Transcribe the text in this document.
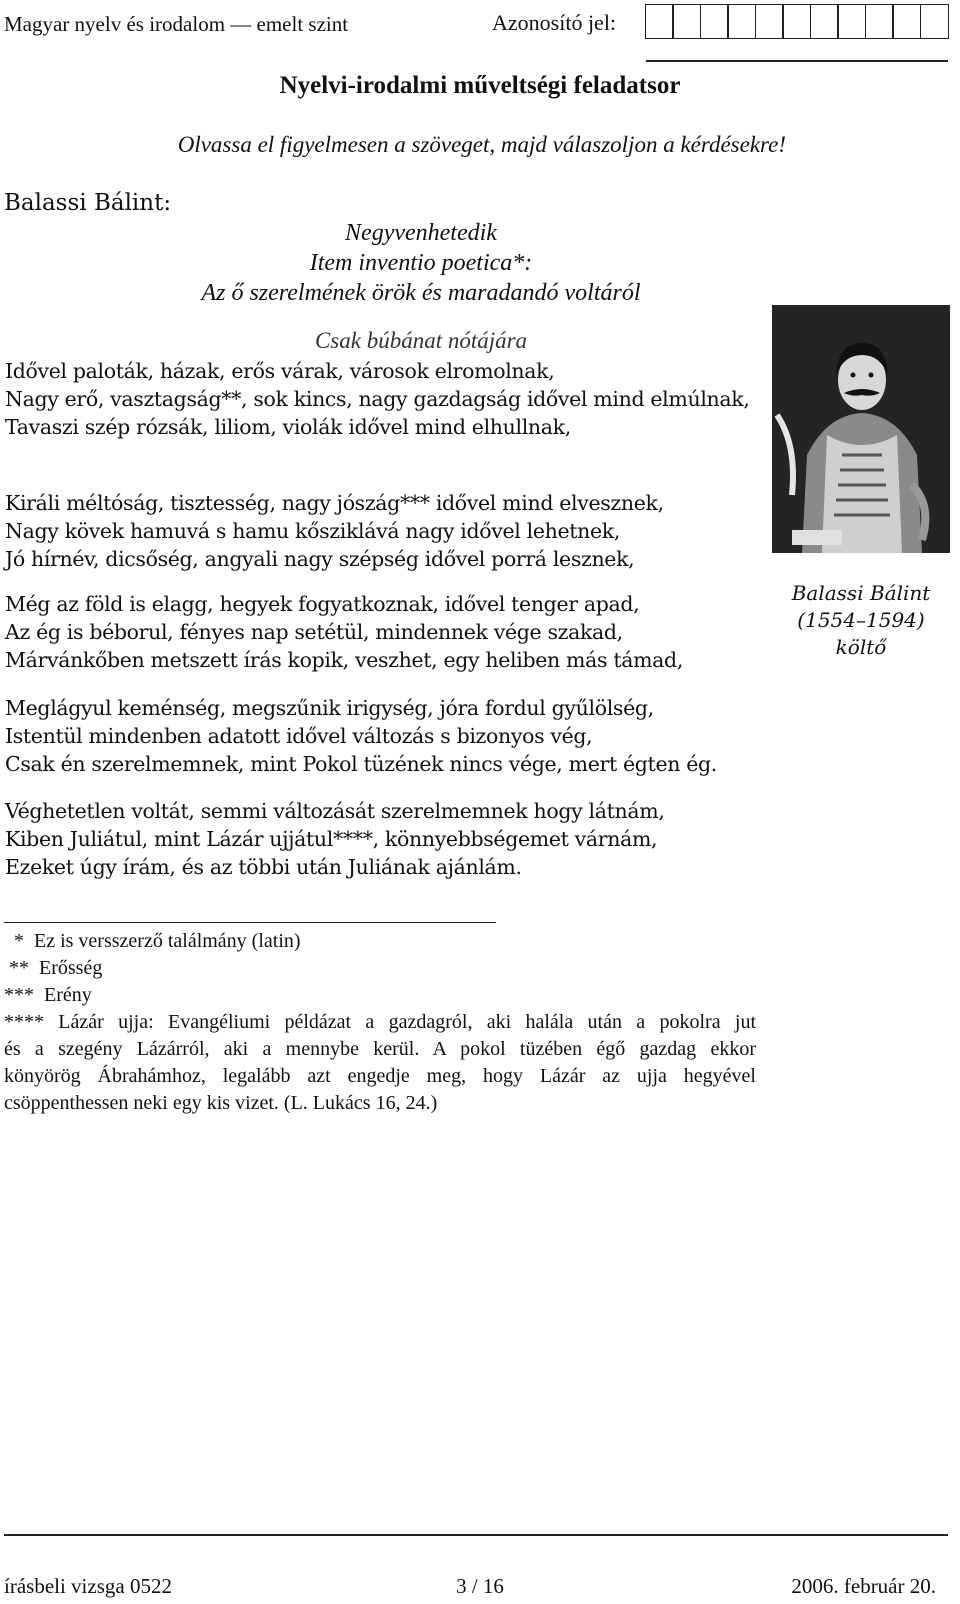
Magyar nyelv és irodalom — emelt szint	Azonosító jel:
Nyelvi-irodalmi műveltségi feladatsor
Olvassa el figyelmesen a szöveget, majd válaszoljon a kérdésekre!
Balassi Bálint:
Negyvenhetedik
Item inventio poetica*:
Az ő szerelmének örök és maradandó voltáról
Csak búbánat nótájára
Idővel paloták, házak, erős várak, városok elromolnak,
Nagy erő, vasztagság**, sok kincs, nagy gazdagság idővel mind elmúlnak,
Tavaszi szép rózsák, liliom, violák idővel mind elhullnak,
Királi méltóság, tisztesség, nagy jószág*** idővel mind elvesznek,
Nagy kövek hamuvá s hamu kősziklává nagy idővel lehetnek,
Jó hírnév, dicsőség, angyali nagy szépség idővel porrá lesznek,
Még az föld is elagg, hegyek fogyatkoznak, idővel tenger apad,
Az ég is béborul, fényes nap setétül, mindennek vége szakad,
Márvánkőben metszett írás kopik, veszhet, egy heliben más támad,
Meglágyul keménség, megszűnik irigység, jóra fordul gyűlölség,
Istentül mindenben adatott idővel változás s bizonyos vég,
Csak én szerelmemnek, mint Pokol tüzének nincs vége, mert égten ég.
Véghetetlen voltát, semmi változását szerelmemnek hogy látnám,
Kiben Juliátul, mint Lázár ujjátul****, könnyebbségemet várnám,
Ezeket úgy írám, és az többi után Juliának ajánlám.
Balassi Bálint
(1554–1594)
költő
*  Ez is versszerző találmány (latin)
**  Erősség
***  Erény
**** Lázár ujja: Evangéliumi példázat a gazdagról, aki halála után a pokolra jut
és a szegény Lázárról, aki a mennybe kerül. A pokol tüzében égő gazdag ekkor
könyörög Ábrahámhoz, legalább azt engedje meg, hogy Lázár az ujja hegyével
csöppenthessen neki egy kis vizet. (L. Lukács 16, 24.)
írásbeli vizsga 0522	3 / 16	2006. február 20.
